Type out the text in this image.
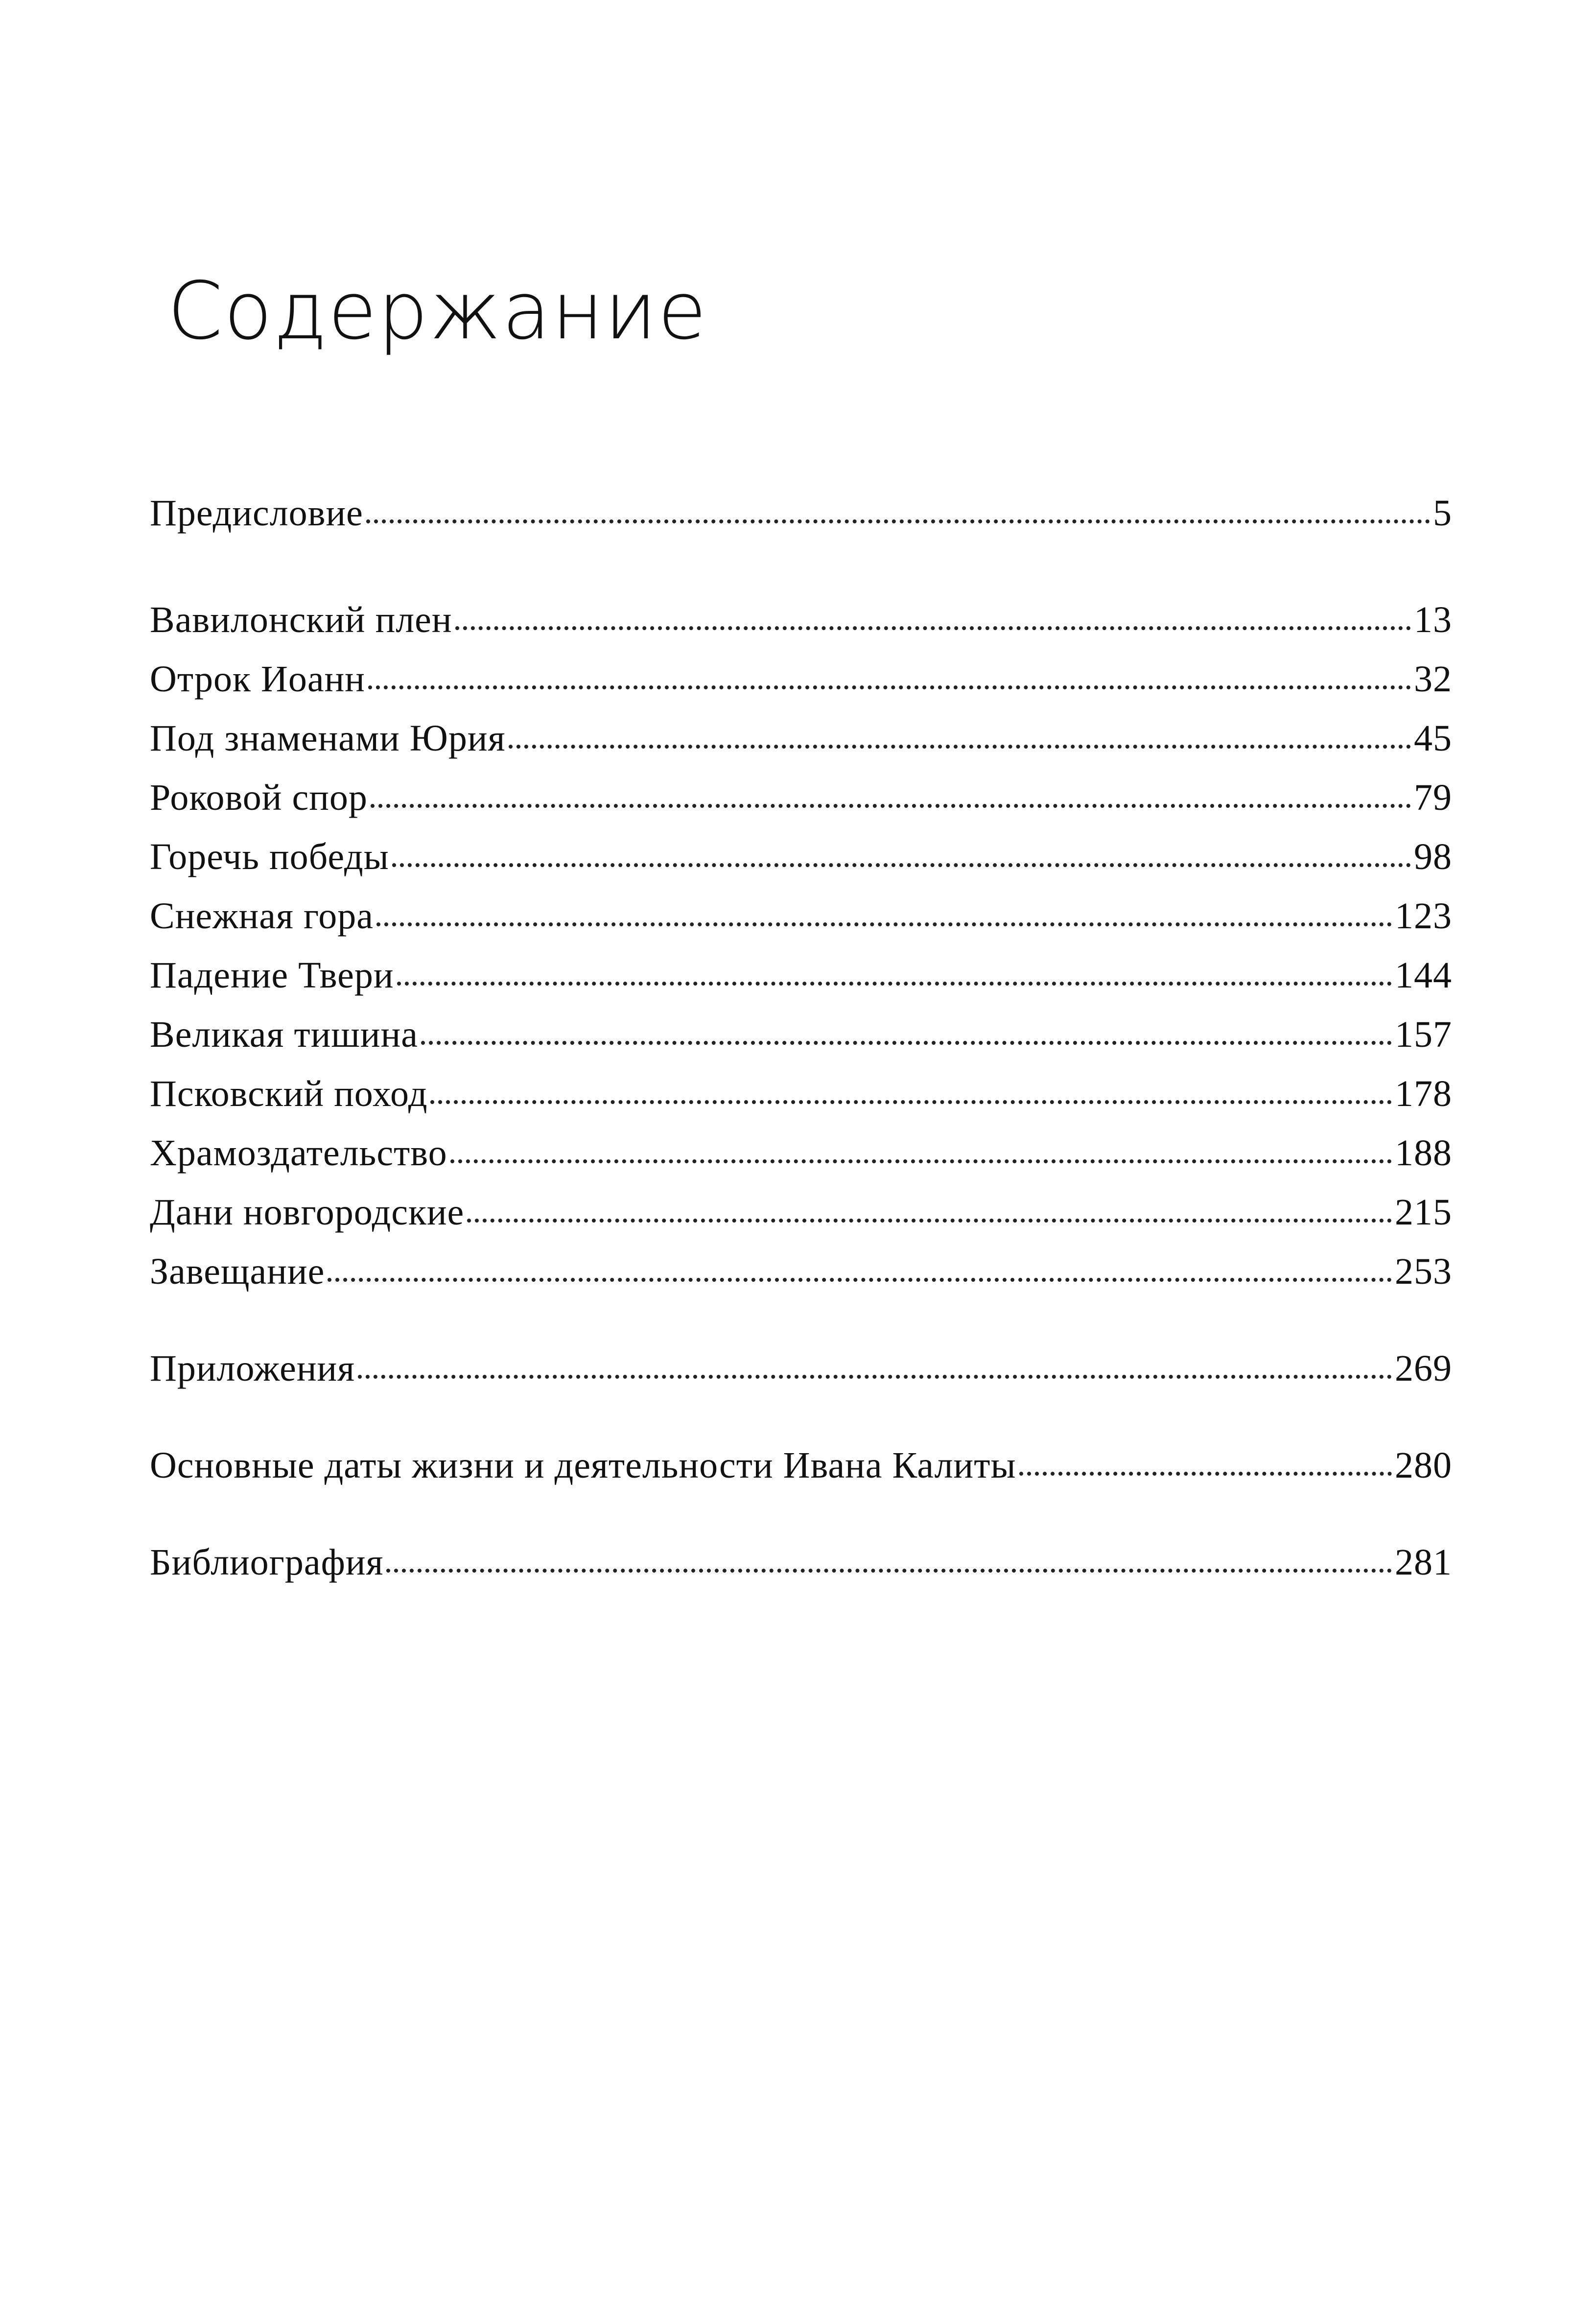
Содержание
Предисловие	5
Вавилонский плен	13
Отрок Иоанн	32
Под знаменами Юрия	45
Роковой спор	79
Горечь победы	98
Снежная гора	123
Падение Твери	144
Великая тишина	157
Псковский поход	178
Храмоздательство	188
Дани новгородские	215
Завещание	253
Приложения	269
Основные даты жизни и деятельности Ивана Калиты	280
Библиография	281
